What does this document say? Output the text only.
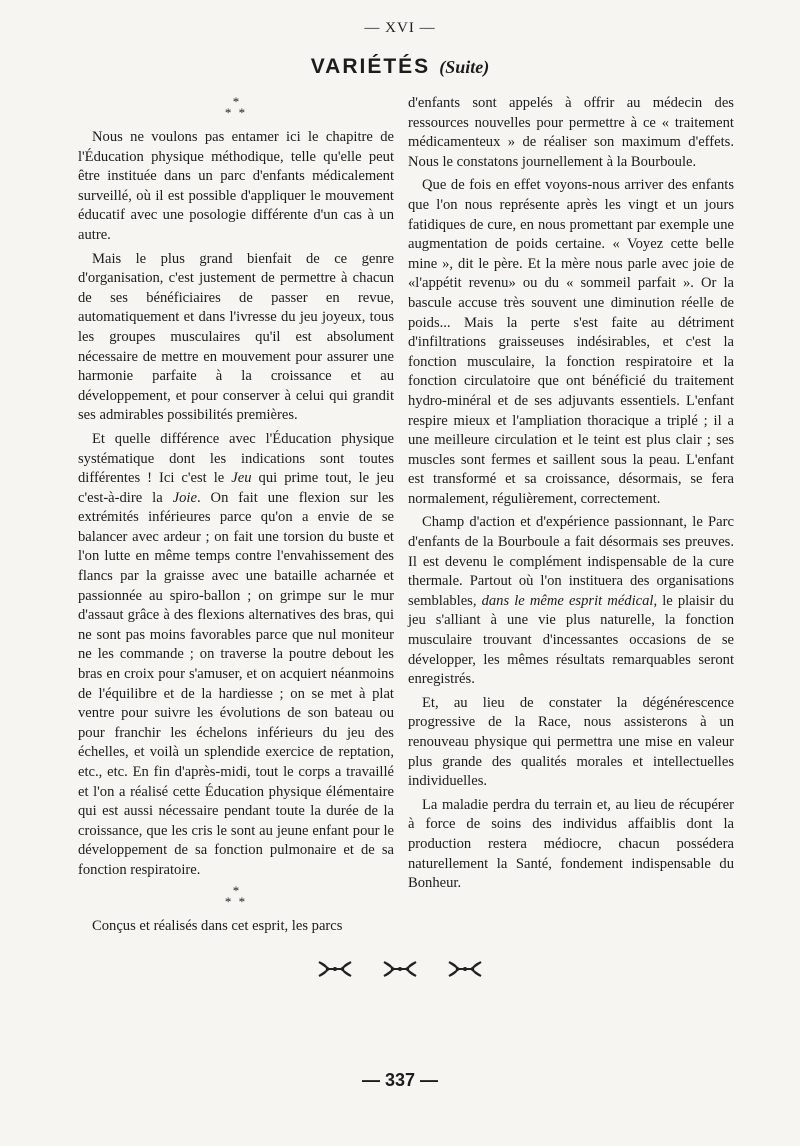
— XVI —
VARIÉTÉS (Suite)
*
* *

Nous ne voulons pas entamer ici le chapitre de l'Éducation physique méthodique, telle qu'elle peut être instituée dans un parc d'enfants médicalement surveillé, où il est possible d'appliquer le mouvement éducatif avec une posologie différente d'un cas à un autre.

Mais le plus grand bienfait de ce genre d'organisation, c'est justement de permettre à chacun de ses bénéficiaires de passer en revue, automatiquement et dans l'ivresse du jeu joyeux, tous les groupes musculaires qu'il est absolument nécessaire de mettre en mouvement pour assurer une harmonie parfaite à la croissance et au développement, et pour conserver à celui qui grandit ses admirables possibilités premières.

Et quelle différence avec l'Éducation physique systématique dont les indications sont toutes différentes ! Ici c'est le Jeu qui prime tout, le jeu c'est-à-dire la Joie. On fait une flexion sur les extrémités inférieures parce qu'on a envie de se balancer avec ardeur ; on fait une torsion du buste et l'on lutte en même temps contre l'envahissement des flancs par la graisse avec une bataille acharnée et passionnée au spiro-ballon ; on grimpe sur le mur d'assaut grâce à des flexions alternatives des bras, qui ne sont pas moins favorables parce que nul moniteur ne les commande ; on traverse la poutre debout les bras en croix pour s'amuser, et on acquiert néanmoins de l'équilibre et de la hardiesse ; on se met à plat ventre pour suivre les évolutions de son bateau ou pour franchir les échelons inférieurs du jeu des échelles, et voilà un splendide exercice de reptation, etc., etc. En fin d'après-midi, tout le corps a travaillé et l'on a réalisé cette Éducation physique élémentaire qui est aussi nécessaire pendant toute la durée de la croissance, que les cris le sont au jeune enfant pour le développement de sa fonction pulmonaire et de sa fonction respiratoire.

*
* *

Conçus et réalisés dans cet esprit, les parcs

d'enfants sont appelés à offrir au médecin des ressources nouvelles pour permettre à ce « traitement médicamenteux » de réaliser son maximum d'effets. Nous le constatons journellement à la Bourboule.

Que de fois en effet voyons-nous arriver des enfants que l'on nous représente après les vingt et un jours fatidiques de cure, en nous promettant par exemple une augmentation de poids certaine. « Voyez cette belle mine », dit le père. Et la mère nous parle avec joie de «l'appétit revenu» ou du « sommeil parfait ». Or la bascule accuse très souvent une diminution réelle de poids... Mais la perte s'est faite au détriment d'infiltrations graisseuses indésirables, et c'est la fonction musculaire, la fonction respiratoire et la fonction circulatoire que ont bénéficié du traitement hydro-minéral et de ses adjuvants essentiels. L'enfant respire mieux et l'ampliation thoracique a triplé ; il a une meilleure circulation et le teint est plus clair ; ses muscles sont fermes et saillent sous la peau. L'enfant est transformé et sa croissance, désormais, se fera normalement, régulièrement, correctement.

Champ d'action et d'expérience passionnant, le Parc d'enfants de la Bourboule a fait désormais ses preuves. Il est devenu le complément indispensable de la cure thermale. Partout où l'on instituera des organisations semblables, dans le même esprit médical, le plaisir du jeu s'alliant à une vie plus naturelle, la fonction musculaire trouvant d'incessantes occasions de se développer, les mêmes résultats remarquables seront enregistrés.

Et, au lieu de constater la dégénérescence progressive de la Race, nous assisterons à un renouveau physique qui permettra une mise en valeur plus grande des qualités morales et intellectuelles individuelles.

La maladie perdra du terrain et, au lieu de récupérer à force de soins des individus affaiblis dont la production restera médiocre, chacun possédera naturellement la Santé, fondement indispensable du Bonheur.

— 337 —
